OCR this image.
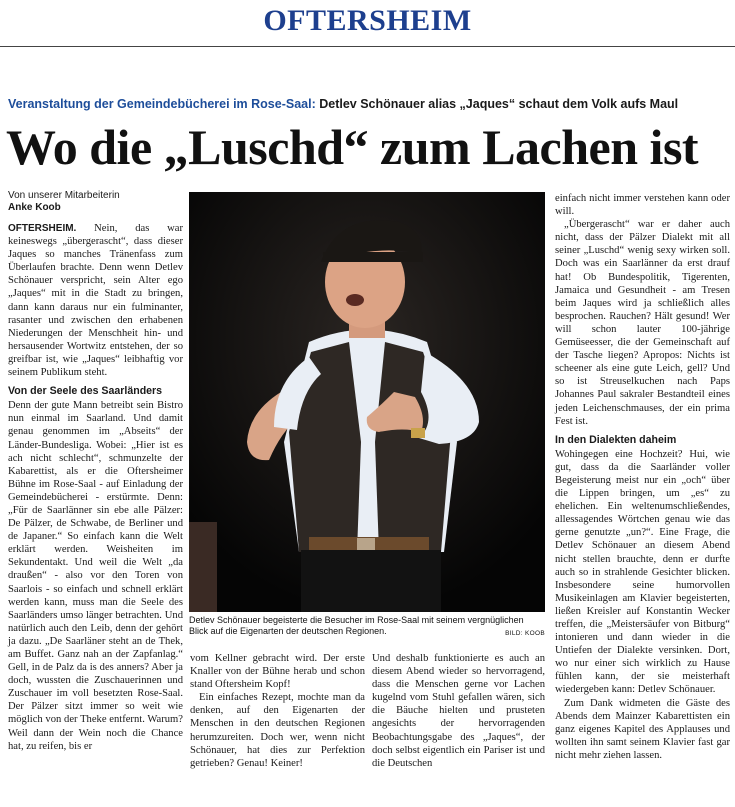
OFTERSHEIM
Veranstaltung der Gemeindebücherei im Rose-Saal: Detlev Schönauer alias „Jaques“ schaut dem Volk aufs Maul
Wo die „Luschd“ zum Lachen ist
Von unserer Mitarbeiterin
Anke Koob

OFTERSHEIM. Nein, das war keineswegs „übergerascht“, dass dieser Jaques so manches Tränenfass zum Überlaufen brachte. Denn wenn Detlev Schönauer verspricht, sein Alter ego „Jaques“ mit in die Stadt zu bringen, dann kann daraus nur ein fulminanter, rasanter und zwischen den erhabenen Niederungen der Menschheit hin- und hersausender Wortwitz entstehen, der so greifbar ist, wie „Jaques“ leibhaftig vor seinem Publikum steht.

Von der Seele des Saarländers

Denn der gute Mann betreibt sein Bistro nun einmal im Saarland. Und damit genau genommen im „Abseits“ der Länder-Bundesliga. Wobei: „Hier ist es ach nicht schlecht“, schmunzelte der Kabarettist, als er die Oftersheimer Bühne im Rose-Saal - auf Einladung der Gemeindebücherei - erstürmte. Denn: „Für de Saarlänner sin ebe alle Pälzer: De Pälzer, de Schwabe, de Berliner und de Japaner.“ So einfach kann die Welt erklärt werden. Weisheiten im Sekundentakt. Und weil die Welt „da draußen“ - also vor den Toren von Saarlois - so einfach und schnell erklärt werden kann, muss man die Seele des Saarländers umso länger betrachten. Und natürlich auch den Leib, denn der gehört ja dazu. „De Saarläner steht an de Thek, am Buffet. Ganz nah an der Zapfanlag.“ Gell, in de Palz da is des anners? Aber ja doch, wussten die Zuschauerinnen und Zuschauer im voll besetzten Rose-Saal. Der Pälzer sitzt immer so weit wie möglich von der Theke entfernt. Warum? Weil dann der Wein noch die Chance hat, zu reifen, bis er

Detlev Schönauer begeisterte die Besucher im Rose-Saal mit seinem vergnüglichen Blick auf die Eigenarten der deutschen Regionen.	BILD: KOOB

vom Kellner gebracht wird. Der erste Knaller von der Bühne herab und schon stand Oftersheim Kopf!

Ein einfaches Rezept, mochte man da denken, auf den Eigenarten der Menschen in den deutschen Regionen herumzureiten. Doch wer, wenn nicht Schönauer, hat dies zur Perfektion getrieben? Genau! Keiner!

Und deshalb funktionierte es auch an diesem Abend wieder so hervorragend, dass die Menschen gerne vor Lachen kugelnd vom Stuhl gefallen wären, sich die Bäuche hielten und prusteten angesichts der hervorragenden Beobachtungsgabe des „Jaques“, der doch selbst eigentlich ein Pariser ist und die Deutschen

einfach nicht immer verstehen kann oder will.

„Übergerascht“ war er daher auch nicht, dass der Pälzer Dialekt mit all seiner „Luschd“ wenig sexy wirken soll. Doch was ein Saarlänner da erst drauf hat! Ob Bundespolitik, Tigerenten, Jamaica und Gesundheit - am Tresen beim Jaques wird ja schließlich alles besprochen. Rauchen? Hält gesund! Wer will schon lauter 100-jährige Gemüseesser, die der Gemeinschaft auf der Tasche liegen? Apropos: Nichts ist scheener als eine gute Leich, gell? Und so ist Streuselkuchen nach Paps Johannes Paul sakraler Bestandteil eines jeden Leichenschmauses, der ein prima Fest ist.

In den Dialekten daheim

Wohingegen eine Hochzeit? Hui, wie gut, dass da die Saarländer voller Begeisterung meist nur ein „och“ über die Lippen bringen, um „es“ zu ehelichen. Ein weltenumschließendes, allessagendes Wörtchen genau wie das gerne genutzte „un?“. Eine Frage, die Detlev Schönauer an diesem Abend nicht stellen brauchte, denn er durfte auch so in strahlende Gesichter blicken. Insbesondere seine humorvollen Musikeinlagen am Klavier begeisterten, ließen Kreisler auf Konstantin Wecker treffen, die „Meistersäufer von Bitburg“ intonieren und dann wieder in die Untiefen der Dialekte versinken. Dort, wo nur einer sich wirklich zu Hause fühlen kann, der sie meisterhaft wiedergeben kann: Detlev Schönauer.

Zum Dank widmeten die Gäste des Abends dem Mainzer Kabarettisten ein ganz eigenes Kapitel des Applauses und wollten ihn samt seinem Klavier fast gar nicht mehr ziehen lassen.
